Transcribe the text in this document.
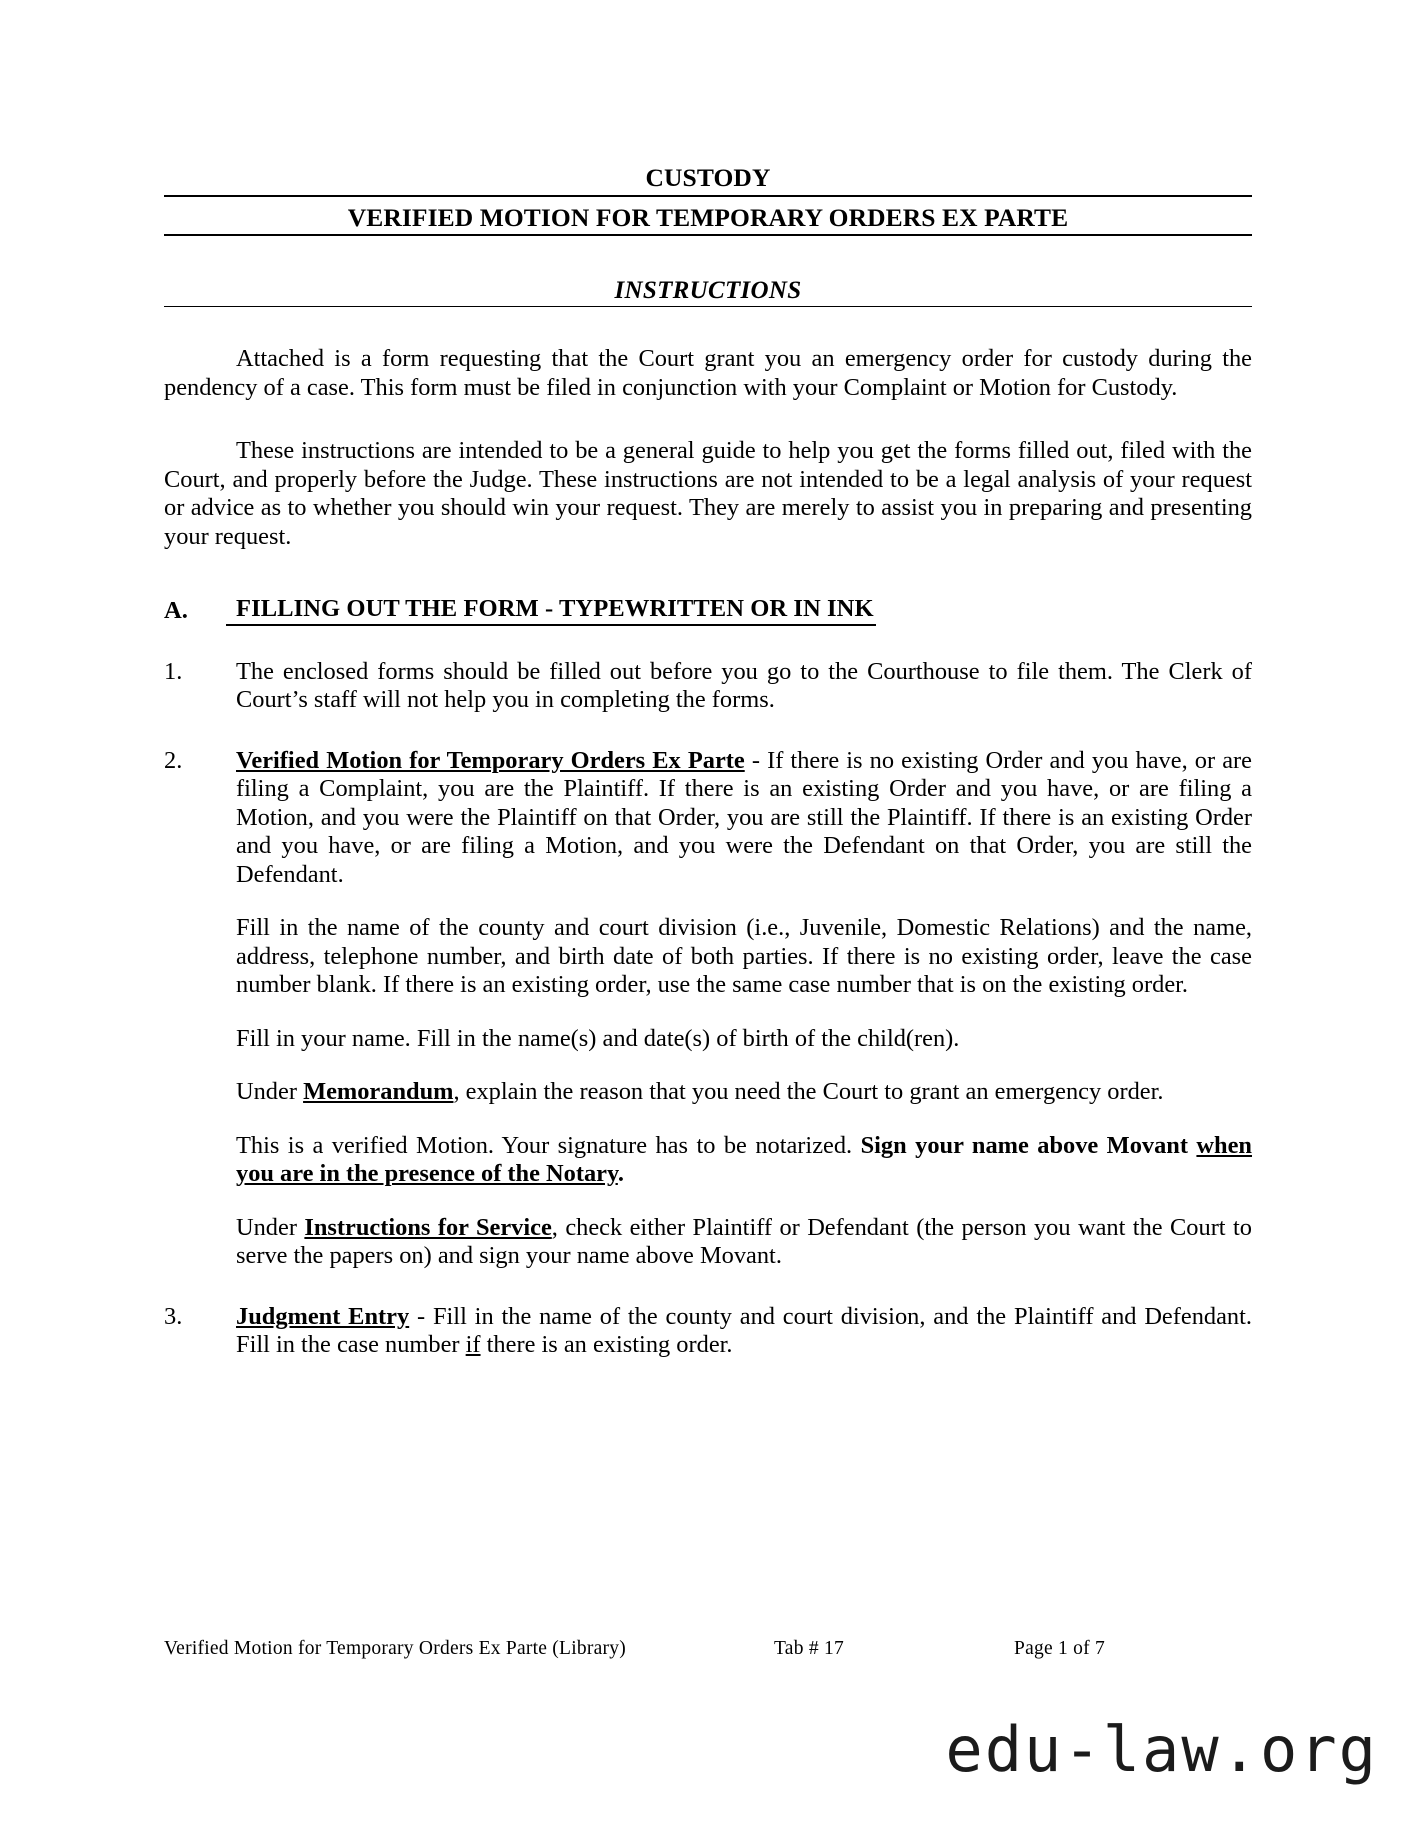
CUSTODY
VERIFIED MOTION FOR TEMPORARY ORDERS EX PARTE
INSTRUCTIONS

Attached is a form requesting that the Court grant you an emergency order for custody during the pendency of a case. This form must be filed in conjunction with your Complaint or Motion for Custody.

These instructions are intended to be a general guide to help you get the forms filled out, filed with the Court, and properly before the Judge. These instructions are not intended to be a legal analysis of your request or advice as to whether you should win your request. They are merely to assist you in preparing and presenting your request.

A.	FILLING OUT THE FORM - TYPEWRITTEN OR IN INK
1.	The enclosed forms should be filled out before you go to the Courthouse to file them. The Clerk of Court’s staff will not help you in completing the forms.

2.	Verified Motion for Temporary Orders Ex Parte - If there is no existing Order and you have, or are filing a Complaint, you are the Plaintiff. If there is an existing Order and you have, or are filing a Motion, and you were the Plaintiff on that Order, you are still the Plaintiff. If there is an existing Order and you have, or are filing a Motion, and you were the Defendant on that Order, you are still the Defendant.

Fill in the name of the county and court division (i.e., Juvenile, Domestic Relations) and the name, address, telephone number, and birth date of both parties. If there is no existing order, leave the case number blank. If there is an existing order, use the same case number that is on the existing order.

Fill in your name. Fill in the name(s) and date(s) of birth of the child(ren).

Under Memorandum, explain the reason that you need the Court to grant an emergency order.

This is a verified Motion. Your signature has to be notarized. Sign your name above Movant when you are in the presence of the Notary.

Under Instructions for Service, check either Plaintiff or Defendant (the person you want the Court to serve the papers on) and sign your name above Movant.

3.	Judgment Entry - Fill in the name of the county and court division, and the Plaintiff and Defendant. Fill in the case number if there is an existing order.

Verified Motion for Temporary Orders Ex Parte (Library)	Tab # 17	Page 1 of 7
edu-law.org
